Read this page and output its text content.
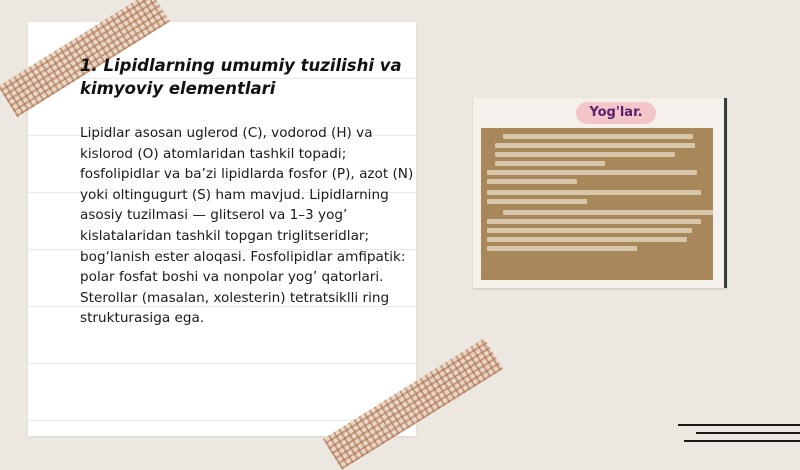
1. Lipidlarning umumiy tuzilishi va kimyoviy elementlari

Lipidlar asosan uglerod (C), vodorod (H) va kislorod (O) atomlaridan tashkil topadi; fosfolipidlar va ba’zi lipidlarda fosfor (P), azot (N) yoki oltingugurt (S) ham mavjud. Lipidlarning asosiy tuzilmasi — glitserol va 1–3 yog’ kislatalaridan tashkil topgan triglitseridlar; bog‘lanish ester aloqasi. Fosfolipidlar amfipatik: polar fosfat boshi va nonpolar yog’ qatorlari. Sterollar (masalan, xolesterin) tetratsiklli ring strukturasiga ega.

Yog'lar.
